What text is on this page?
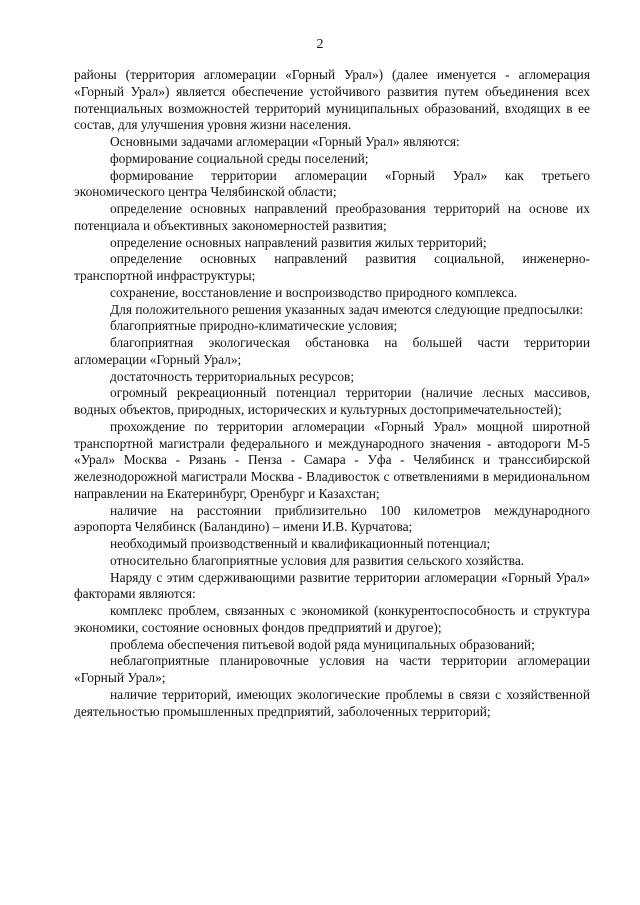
2

районы (территория агломерации «Горный Урал») (далее именуется - агломерация «Горный Урал») является обеспечение устойчивого развития путем объединения всех потенциальных возможностей территорий муниципальных образований, входящих в ее состав, для улучшения уровня жизни населения.

Основными задачами агломерации «Горный Урал» являются:

формирование социальной среды поселений;

формирование территории агломерации «Горный Урал» как третьего экономического центра Челябинской области;

определение основных направлений преобразования территорий на основе их потенциала и объективных закономерностей развития;

определение основных направлений развития жилых территорий;

определение основных направлений развития социальной, инженерно-транспортной инфраструктуры;

сохранение, восстановление и воспроизводство природного комплекса.

Для положительного решения указанных задач имеются следующие предпосылки:

благоприятные природно-климатические условия;

благоприятная экологическая обстановка на большей части территории агломерации «Горный Урал»;

достаточность территориальных ресурсов;

огромный рекреационный потенциал территории (наличие лесных массивов, водных объектов, природных, исторических и культурных достопримечательностей);

прохождение по территории агломерации «Горный Урал» мощной широтной транспортной магистрали федерального и международного значения - автодороги М-5 «Урал» Москва - Рязань - Пенза - Самара - Уфа - Челябинск и транссибирской железнодорожной магистрали Москва - Владивосток с ответвлениями в меридиональном направлении на Екатеринбург, Оренбург и Казахстан;

наличие на расстоянии приблизительно 100 километров международного аэропорта Челябинск (Баландино) – имени И.В. Курчатова;

необходимый производственный и квалификационный потенциал;

относительно благоприятные условия для развития сельского хозяйства.

Наряду с этим сдерживающими развитие территории агломерации «Горный Урал» факторами являются:

комплекс проблем, связанных с экономикой (конкурентоспособность и структура экономики, состояние основных фондов предприятий и другое);

проблема обеспечения питьевой водой ряда муниципальных образований;

неблагоприятные планировочные условия на части территории агломерации «Горный Урал»;

наличие территорий, имеющих экологические проблемы в связи с хозяйственной деятельностью промышленных предприятий, заболоченных территорий;
